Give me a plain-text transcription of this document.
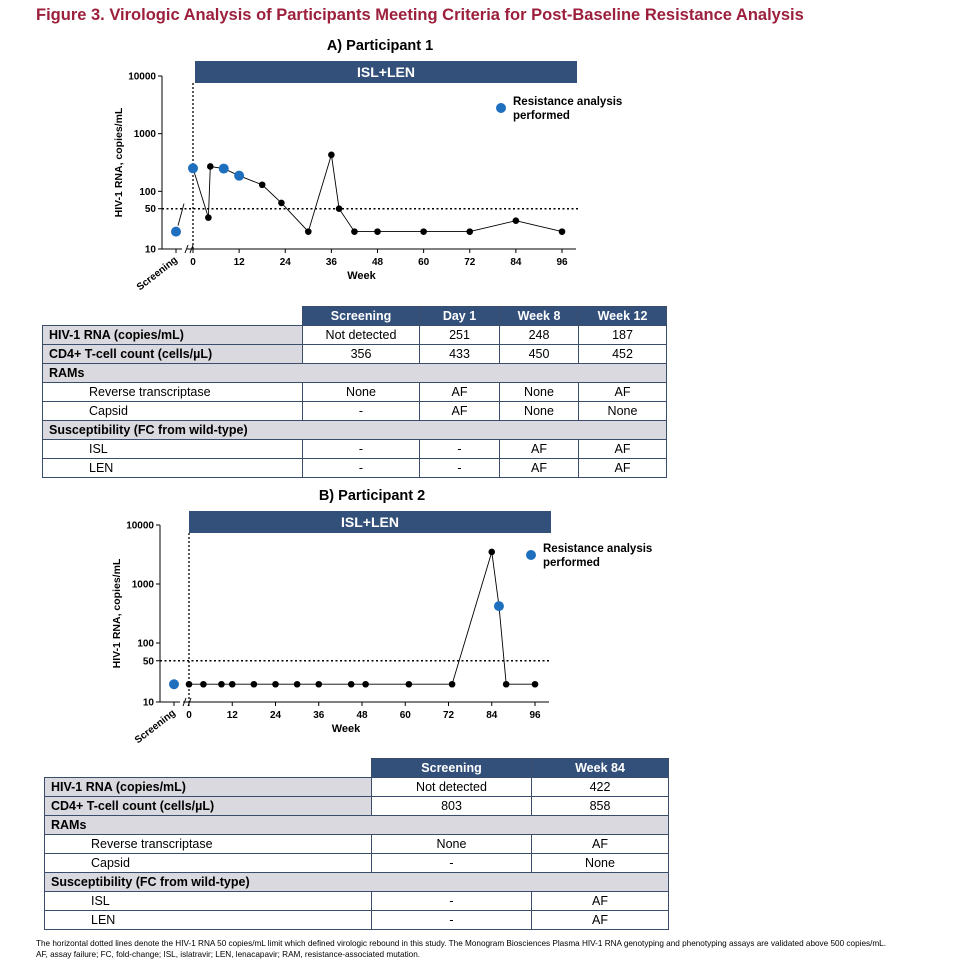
Figure 3. Virologic Analysis of Participants Meeting Criteria for Post-Baseline Resistance Analysis
A) Participant 1
ISL+LEN
10
50
100
1000
10000
HIV-1 RNA, copies/mL
0	12	24	36	48	60	72	84	96
Week
Screening
Resistance analysis performed
	Screening	Day 1	Week 8	Week 12
HIV-1 RNA (copies/mL)	Not detected	251	248	187
CD4+ T-cell count (cells/µL)	356	433	450	452
RAMs				
Reverse transcriptase	None	AF	None	AF
Capsid	-	AF	None	None
Susceptibility (FC from wild-type)				
ISL	-	-	AF	AF
LEN	-	-	AF	AF
B) Participant 2
ISL+LEN
10
50
100
1000
10000
HIV-1 RNA, copies/mL
0	12	24	36	48	60	72	84	96
Week
Screening
Resistance analysis performed
	Screening	Week 84
HIV-1 RNA (copies/mL)	Not detected	422
CD4+ T-cell count (cells/µL)	803	858
RAMs		
Reverse transcriptase	None	AF
Capsid	-	None
Susceptibility (FC from wild-type)		
ISL	-	AF
LEN	-	AF
The horizontal dotted lines denote the HIV-1 RNA 50 copies/mL limit which defined virologic rebound in this study. The Monogram Biosciences Plasma HIV-1 RNA genotyping and phenotyping assays are validated above 500 copies/mL.
AF, assay failure; FC, fold-change; ISL, islatravir; LEN, lenacapavir; RAM, resistance-associated mutation.
